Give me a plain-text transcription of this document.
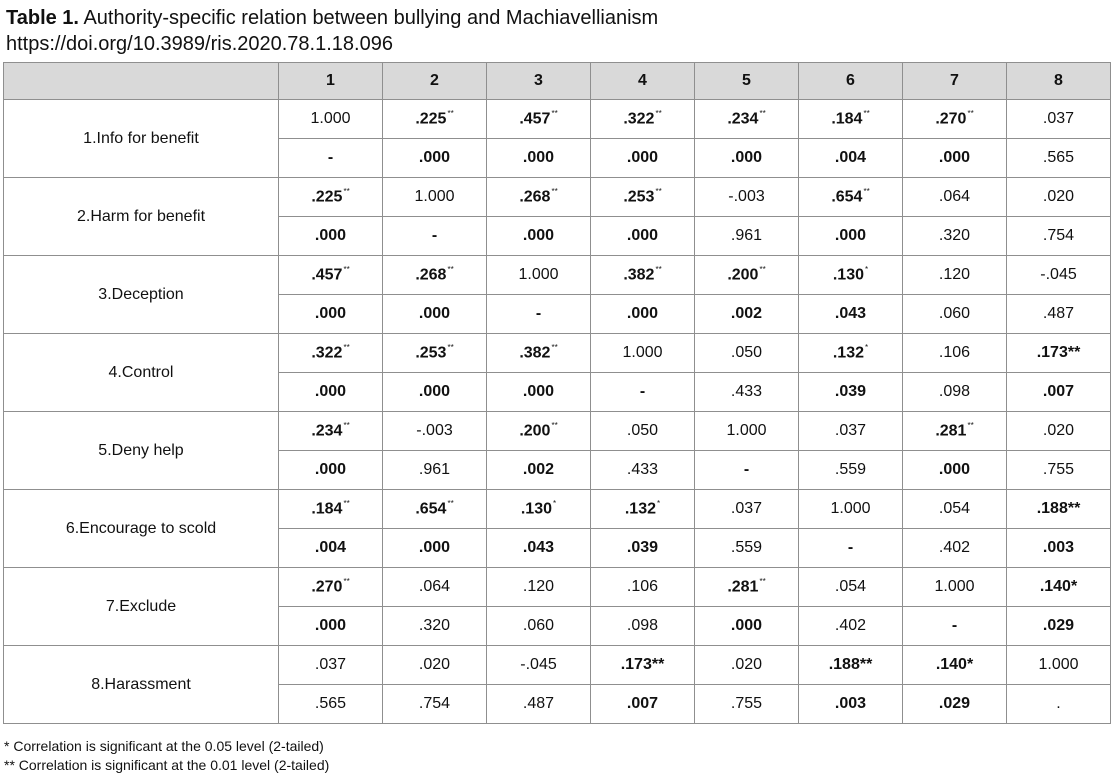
Table 1. Authority-specific relation between bullying and Machiavellianism
https://doi.org/10.3989/ris.2020.78.1.18.096
	1	2	3	4	5	6	7	8
1.Info for benefit	1.000	.225**	.457**	.322**	.234**	.184**	.270**	.037
	-	.000	.000	.000	.000	.004	.000	.565
2.Harm for benefit	.225**	1.000	.268**	.253**	-.003	.654**	.064	.020
	.000	-	.000	.000	.961	.000	.320	.754
3.Deception	.457**	.268**	1.000	.382**	.200**	.130*	.120	-.045
	.000	.000	-	.000	.002	.043	.060	.487
4.Control	.322**	.253**	.382**	1.000	.050	.132*	.106	.173**
	.000	.000	.000	-	.433	.039	.098	.007
5.Deny help	.234**	-.003	.200**	.050	1.000	.037	.281**	.020
	.000	.961	.002	.433	-	.559	.000	.755
6.Encourage to scold	.184**	.654**	.130*	.132*	.037	1.000	.054	.188**
	.004	.000	.043	.039	.559	-	.402	.003
7.Exclude	.270**	.064	.120	.106	.281**	.054	1.000	.140*
	.000	.320	.060	.098	.000	.402	-	.029
8.Harassment	.037	.020	-.045	.173**	.020	.188**	.140*	1.000
	.565	.754	.487	.007	.755	.003	.029	.
* Correlation is significant at the 0.05 level (2-tailed)
** Correlation is significant at the 0.01 level (2-tailed)
